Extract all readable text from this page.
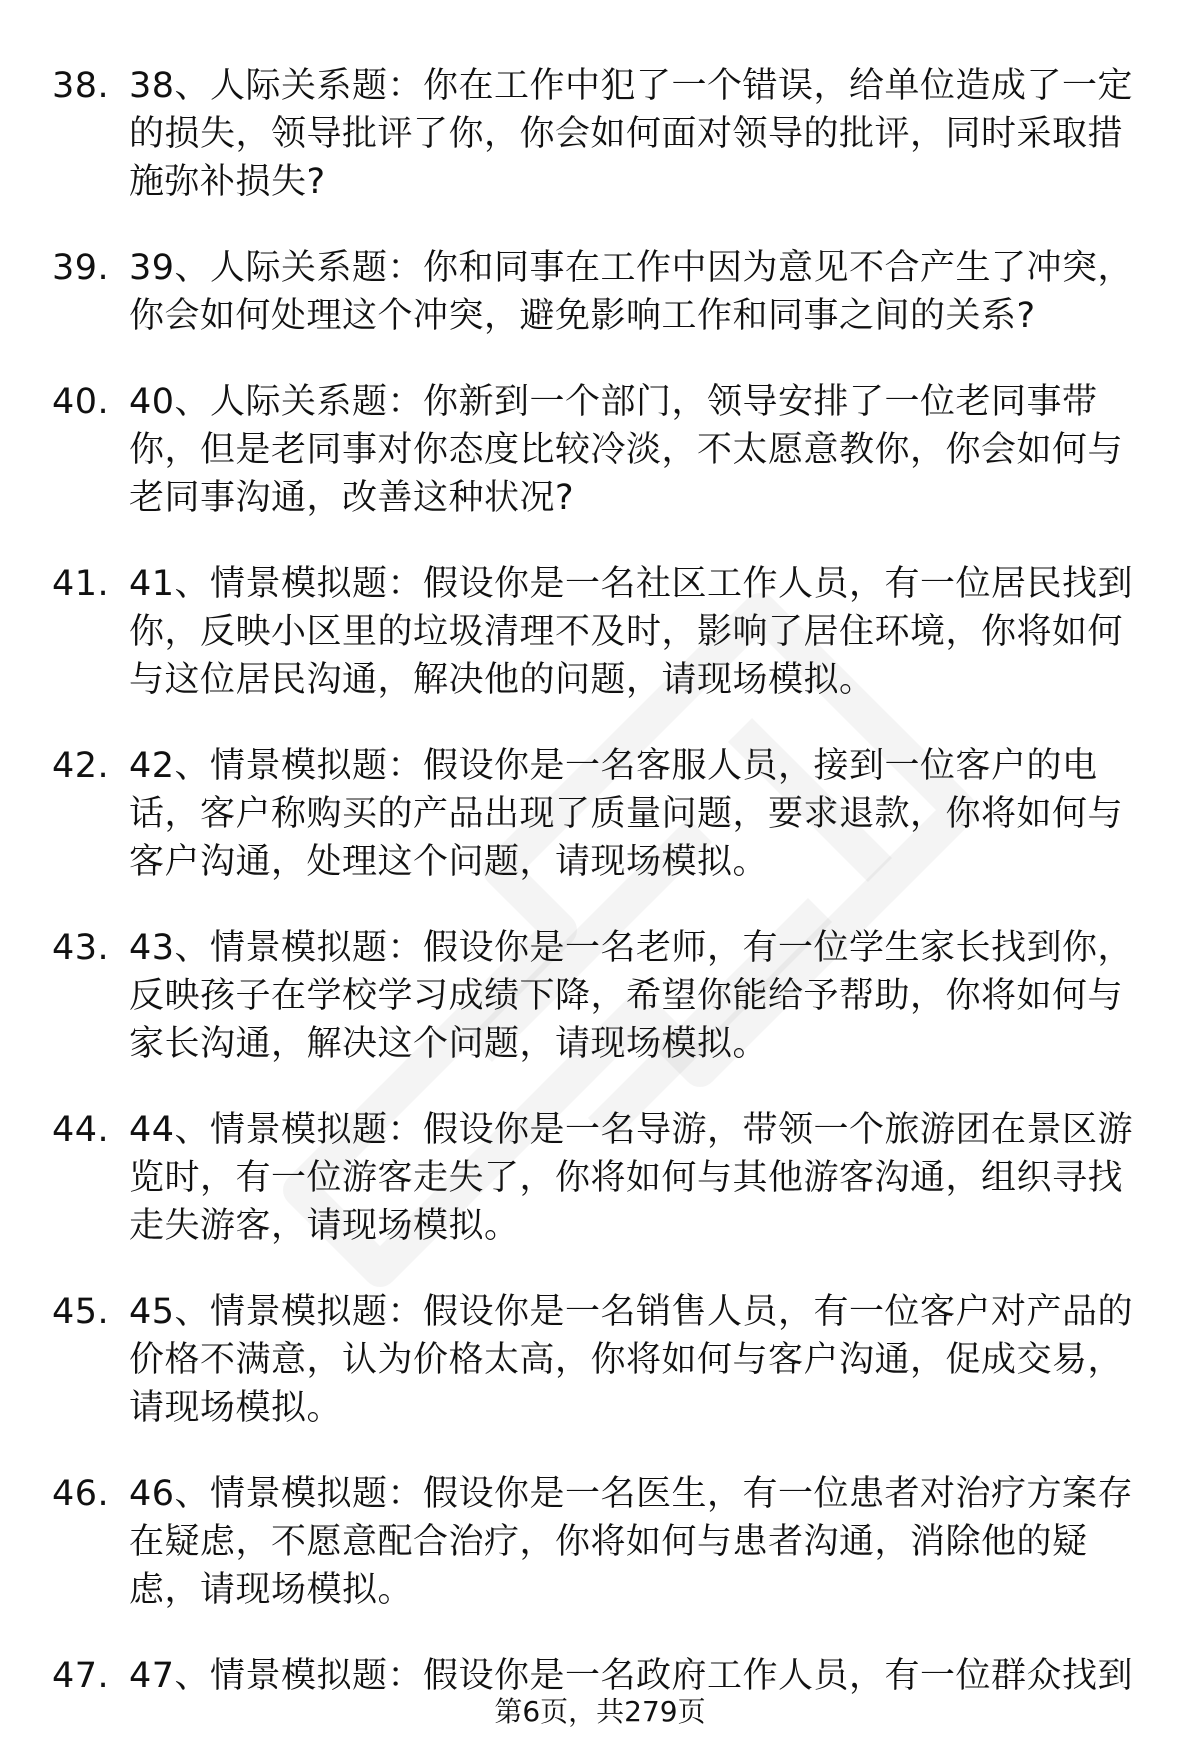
38. 38、人际关系题：你在工作中犯了一个错误，给单位造成了一定的损失，领导批评了你，你会如何面对领导的批评，同时采取措施弥补损失?
39. 39、人际关系题：你和同事在工作中因为意见不合产生了冲突，你会如何处理这个冲突，避免影响工作和同事之间的关系?
40. 40、人际关系题：你新到一个部门，领导安排了一位老同事带你，但是老同事对你态度比较冷淡，不太愿意教你，你会如何与老同事沟通，改善这种状况?
41. 41、情景模拟题：假设你是一名社区工作人员，有一位居民找到你，反映小区里的垃圾清理不及时，影响了居住环境，你将如何与这位居民沟通，解决他的问题，请现场模拟。
42. 42、情景模拟题：假设你是一名客服人员，接到一位客户的电话，客户称购买的产品出现了质量问题，要求退款，你将如何与客户沟通，处理这个问题，请现场模拟。
43. 43、情景模拟题：假设你是一名老师，有一位学生家长找到你，反映孩子在学校学习成绩下降，希望你能给予帮助，你将如何与家长沟通，解决这个问题，请现场模拟。
44. 44、情景模拟题：假设你是一名导游，带领一个旅游团在景区游览时，有一位游客走失了，你将如何与其他游客沟通，组织寻找走失游客，请现场模拟。
45. 45、情景模拟题：假设你是一名销售人员，有一位客户对产品的价格不满意，认为价格太高，你将如何与客户沟通，促成交易，请现场模拟。
46. 46、情景模拟题：假设你是一名医生，有一位患者对治疗方案存在疑虑，不愿意配合治疗，你将如何与患者沟通，消除他的疑虑，请现场模拟。
47. 47、情景模拟题：假设你是一名政府工作人员，有一位群众找到
第6页，共279页
